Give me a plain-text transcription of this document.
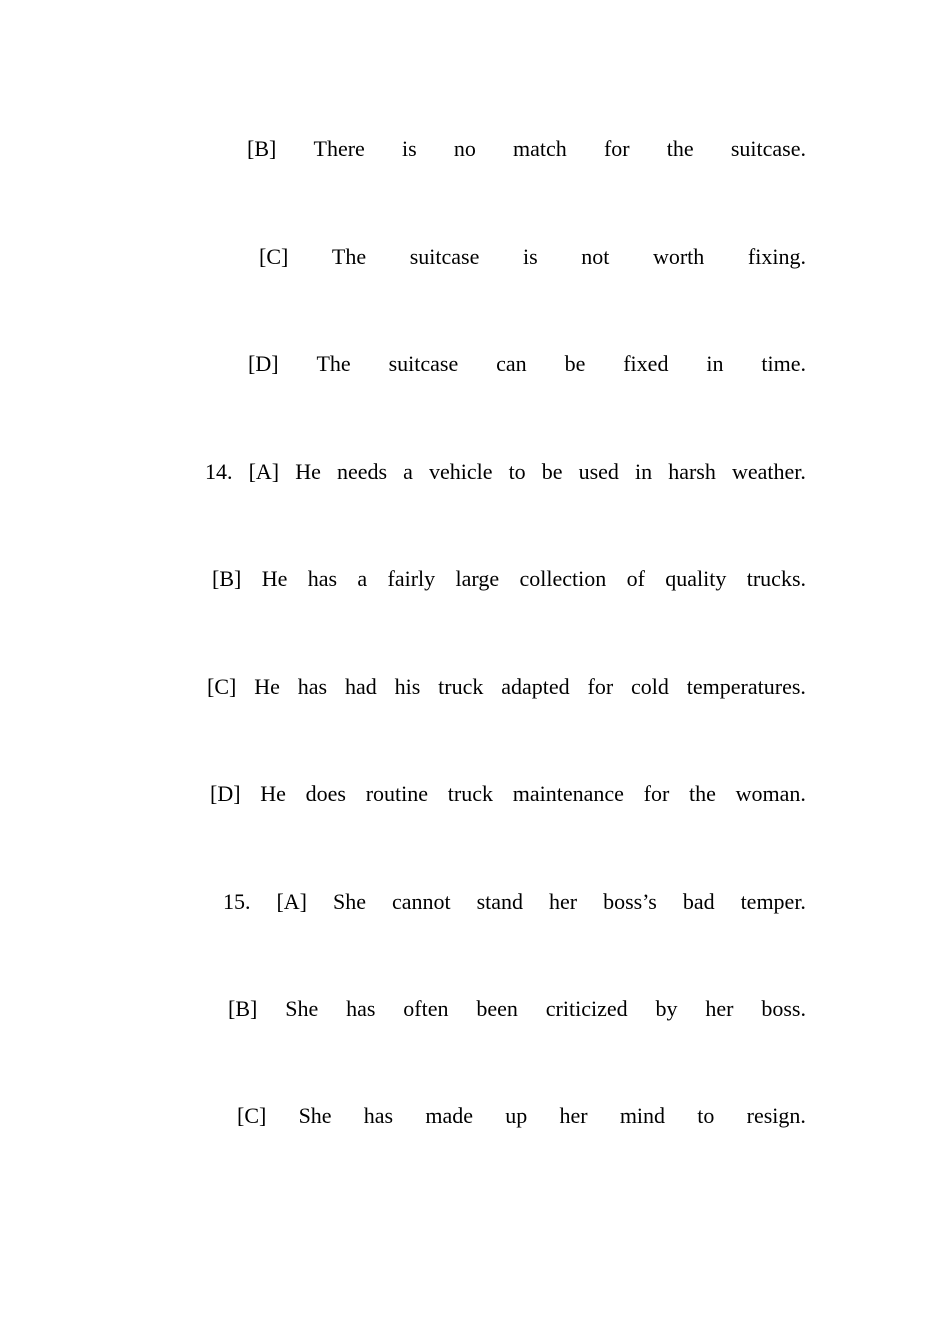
[B] There is no match for the suitcase.
[C] The suitcase is not worth fixing.
[D] The suitcase can be fixed in time.
14. [A] He needs a vehicle to be used in harsh weather.
[B] He has a fairly large collection of quality trucks.
[C] He has had his truck adapted for cold temperatures.
[D] He does routine truck maintenance for the woman.
15. [A] She cannot stand her boss’s bad temper.
[B] She has often been criticized by her boss.
[C] She has made up her mind to resign.
